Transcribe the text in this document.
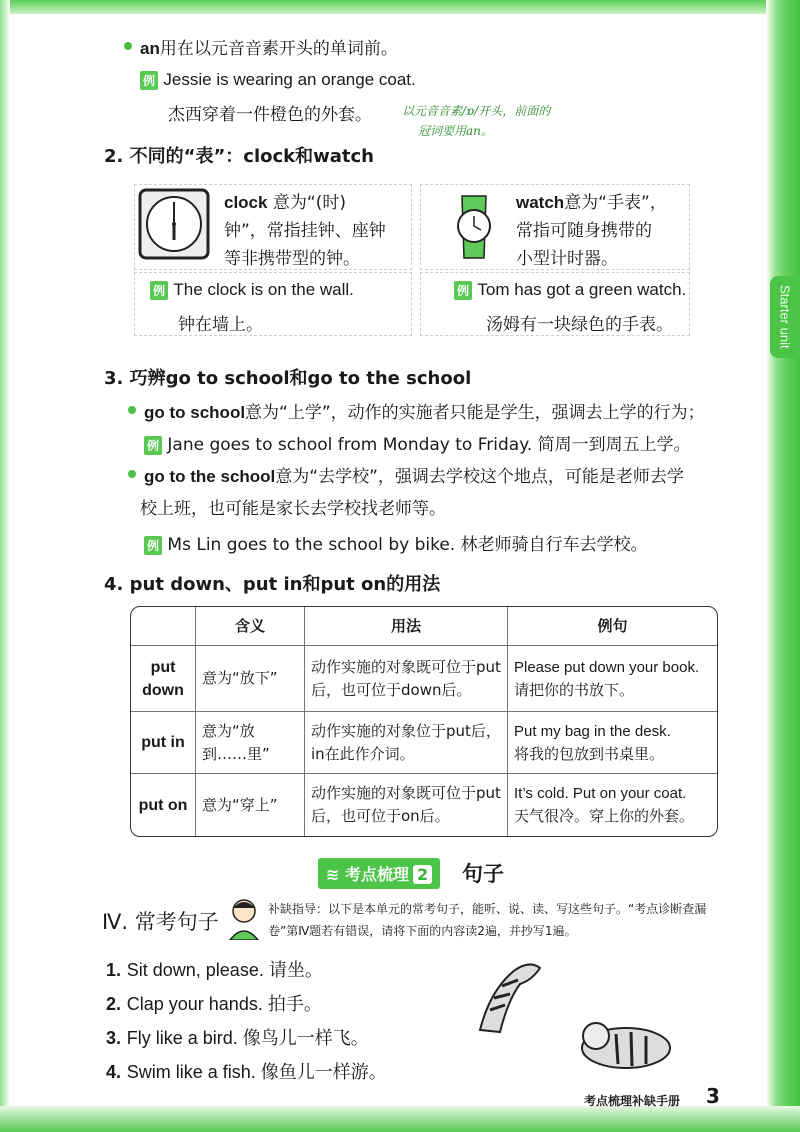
Starter unit
an用在以元音音素开头的单词前。
例 Jessie is wearing an orange coat.
杰西穿着一件橙色的外套。	以元音音素/ɒ/开头，前面的
冠词要用an。
2. 不同的“表”：clock和watch
clock 意为“(时)
钟”，常指挂钟、座钟
等非携带型的钟。
watch意为“手表”，
常指可随身携带的
小型计时器。
例 The clock is on the wall.
钟在墙上。
例 Tom has got a green watch.
汤姆有一块绿色的手表。
3. 巧辨go to school和go to the school
go to school意为“上学”，动作的实施者只能是学生，强调去上学的行为；
例 Jane goes to school from Monday to Friday. 简周一到周五上学。
go to the school意为“去学校”，强调去学校这个地点，可能是老师去学
校上班，也可能是家长去学校找老师等。
例 Ms Lin goes to the school by bike. 林老师骑自行车去学校。
4. put down、put in和put on的用法
	含义	用法	例句
put down	意为“放下”	动作实施的对象既可位于put后，也可位于down后。	Please put down your book.
请把你的书放下。

put in	意为“放到……里”	动作实施的对象位于put后，in在此作介词。	Put my bag in the desk.
将我的包放到书桌里。

put on	意为“穿上”	动作实施的对象既可位于put后，也可位于on后。	It’s cold. Put on your coat.
天气很冷。穿上你的外套。
≋ 考点梳理 2	句子
Ⅳ. 常考句子
补缺指导：以下是本单元的常考句子，能听、说、读、写这些句子。“考点诊断查漏卷”第Ⅳ题若有错误，请将下面的内容读2遍，并抄写1遍。
1. Sit down, please. 请坐。
2. Clap your hands. 拍手。
3. Fly like a bird. 像鸟儿一样飞。
4. Swim like a fish. 像鱼儿一样游。
考点梳理补缺手册 3
